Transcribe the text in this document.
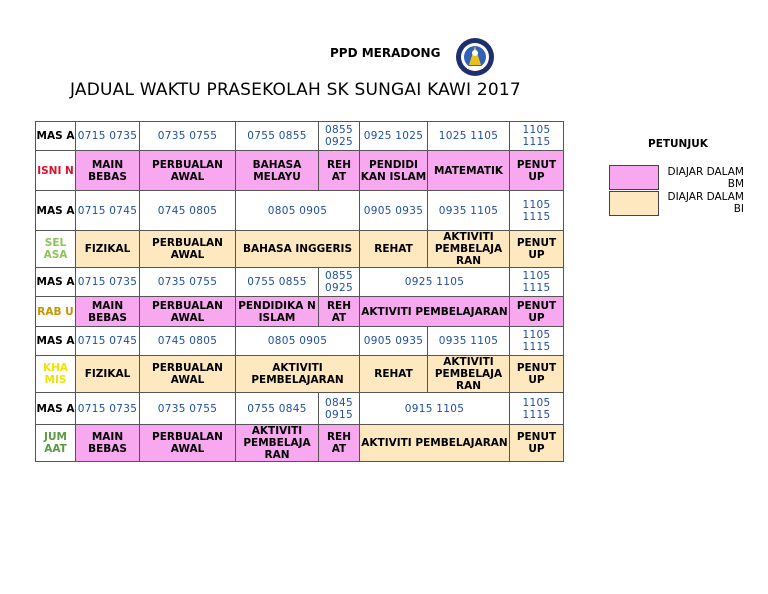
PPD MERADONG
JADUAL WAKTU PRASEKOLAH SK SUNGAI KAWI 2017
MAS A	0715 0735	0735 0755	0755 0855	0855 0925	0925 1025	1025 1105	1105 1115
ISNI N	MAIN BEBAS	PERBUALAN AWAL	BAHASA MELAYU	REH AT	PENDIDI KAN ISLAM	MATEMATIK	PENUT UP
MAS A	0715 0745	0745 0805	0805 0905		0905 0935	0935 1105	1105 1115
SEL ASA	FIZIKAL	PERBUALAN AWAL	BAHASA INGGERIS		REHAT	AKTIVITI PEMBELAJA RAN	PENUT UP
MAS A	0715 0735	0735 0755	0755 0855	0855 0925	0925 1105		1105 1115
RAB U	MAIN BEBAS	PERBUALAN AWAL	PENDIDIKA N ISLAM	REH AT	AKTIVITI PEMBELAJARAN		PENUT UP
MAS A	0715 0745	0745 0805	0805 0905		0905 0935	0935 1105	1105 1115
KHA MIS	FIZIKAL	PERBUALAN AWAL	AKTIVITI PEMBELAJARAN		REHAT	AKTIVITI PEMBELAJA RAN	PENUT UP
MAS A	0715 0735	0735 0755	0755 0845	0845 0915	0915 1105		1105 1115
JUM AAT	MAIN BEBAS	PERBUALAN AWAL	AKTIVITI PEMBELAJA RAN	REH AT	AKTIVITI PEMBELAJARAN		PENUT UP
PETUNJUK
DIAJAR DALAM BM
DIAJAR DALAM BI
